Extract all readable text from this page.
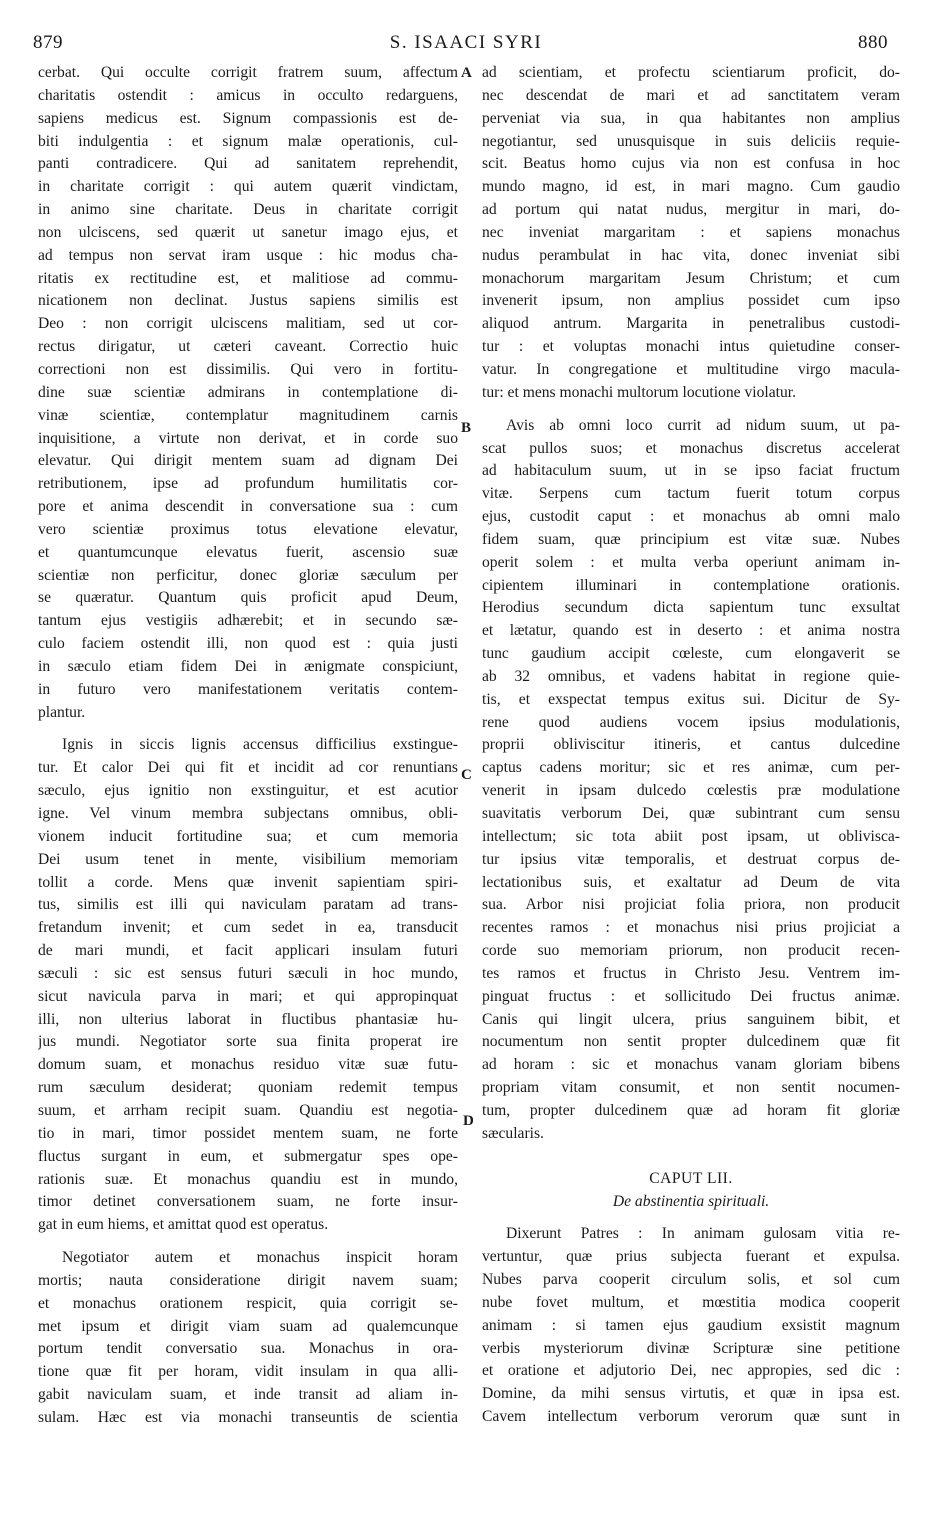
879	S. ISAACI SYRI	880
A
B
C
D
cerbat. Qui occulte corrigit fratrem suum, affectum
charitatis ostendit : amicus in occulto redarguens,
sapiens medicus est. Signum compassionis est de-
biti indulgentia : et signum malæ operationis, cul-
panti contradicere. Qui ad sanitatem reprehendit,
in charitate corrigit : qui autem quærit vindictam,
in animo sine charitate. Deus in charitate corrigit
non ulciscens, sed quærit ut sanetur imago ejus, et
ad tempus non servat iram usque : hic modus cha-
ritatis ex rectitudine est, et malitiose ad commu-
nicationem non declinat. Justus sapiens similis est
Deo : non corrigit ulciscens malitiam, sed ut cor-
rectus dirigatur, ut cæteri caveant. Correctio huic
correctioni non est dissimilis. Qui vero in fortitu-
dine suæ scientiæ admirans in contemplatione di-
vinæ scientiæ, contemplatur magnitudinem carnis
inquisitione, a virtute non derivat, et in corde suo
elevatur. Qui dirigit mentem suam ad dignam Dei
retributionem, ipse ad profundum humilitatis cor-
pore et anima descendit in conversatione sua : cum
vero scientiæ proximus totus elevatione elevatur,
et quantumcunque elevatus fuerit, ascensio suæ
scientiæ non perficitur, donec gloriæ sæculum per
se quæratur. Quantum quis proficit apud Deum,
tantum ejus vestigiis adhærebit; et in secundo sæ-
culo faciem ostendit illi, non quod est : quia justi
in sæculo etiam fidem Dei in ænigmate conspiciunt,
in futuro vero manifestationem veritatis contem-
plantur.
Ignis in siccis lignis accensus difficilius exstingue-
tur. Et calor Dei qui fit et incidit ad cor renuntians
sæculo, ejus ignitio non exstinguitur, et est acutior
igne. Vel vinum membra subjectans omnibus, obli-
vionem inducit fortitudine sua; et cum memoria
Dei usum tenet in mente, visibilium memoriam
tollit a corde. Mens quæ invenit sapientiam spiri-
tus, similis est illi qui naviculam paratam ad trans-
fretandum invenit; et cum sedet in ea, transducit
de mari mundi, et facit applicari insulam futuri
sæculi : sic est sensus futuri sæculi in hoc mundo,
sicut navicula parva in mari; et qui appropinquat
illi, non ulterius laborat in fluctibus phantasiæ hu-
jus mundi. Negotiator sorte sua finita properat ire
domum suam, et monachus residuo vitæ suæ futu-
rum sæculum desiderat; quoniam redemit tempus
suum, et arrham recipit suam. Quandiu est negotia-
tio in mari, timor possidet mentem suam, ne forte
fluctus surgant in eum, et submergatur spes ope-
rationis suæ. Et monachus quandiu est in mundo,
timor detinet conversationem suam, ne forte insur-
gat in eum hiems, et amittat quod est operatus.
Negotiator autem et monachus inspicit horam
mortis; nauta consideratione dirigit navem suam;
et monachus orationem respicit, quia corrigit se-
met ipsum et dirigit viam suam ad qualemcunque
portum tendit conversatio sua. Monachus in ora-
tione quæ fit per horam, vidit insulam in qua alli-
gabit naviculam suam, et inde transit ad aliam in-
sulam. Hæc est via monachi transeuntis de scientia
ad scientiam, et profectu scientiarum proficit, do-
nec descendat de mari et ad sanctitatem veram
perveniat via sua, in qua habitantes non amplius
negotiantur, sed unusquisque in suis deliciis requie-
scit. Beatus homo cujus via non est confusa in hoc
mundo magno, id est, in mari magno. Cum gaudio
ad portum qui natat nudus, mergitur in mari, do-
nec inveniat margaritam : et sapiens monachus
nudus perambulat in hac vita, donec inveniat sibi
monachorum margaritam Jesum Christum; et cum
invenerit ipsum, non amplius possidet cum ipso
aliquod antrum. Margarita in penetralibus custodi-
tur : et voluptas monachi intus quietudine conser-
vatur. In congregatione et multitudine virgo macula-
tur: et mens monachi multorum locutione violatur.
Avis ab omni loco currit ad nidum suum, ut pa-
scat pullos suos; et monachus discretus accelerat
ad habitaculum suum, ut in se ipso faciat fructum
vitæ. Serpens cum tactum fuerit totum corpus
ejus, custodit caput : et monachus ab omni malo
fidem suam, quæ principium est vitæ suæ. Nubes
operit solem : et multa verba operiunt animam in-
cipientem illuminari in contemplatione orationis.
Herodius secundum dicta sapientum tunc exsultat
et lætatur, quando est in deserto : et anima nostra
tunc gaudium accipit cœleste, cum elongaverit se
ab 32 omnibus, et vadens habitat in regione quie-
tis, et exspectat tempus exitus sui. Dicitur de Sy-
rene quod audiens vocem ipsius modulationis,
proprii obliviscitur itineris, et cantus dulcedine
captus cadens moritur; sic et res animæ, cum per-
venerit in ipsam dulcedo cœlestis præ modulatione
suavitatis verborum Dei, quæ subintrant cum sensu
intellectum; sic tota abiit post ipsam, ut oblivisca-
tur ipsius vitæ temporalis, et destruat corpus de-
lectationibus suis, et exaltatur ad Deum de vita
sua. Arbor nisi projiciat folia priora, non producit
recentes ramos : et monachus nisi prius projiciat a
corde suo memoriam priorum, non producit recen-
tes ramos et fructus in Christo Jesu. Ventrem im-
pinguat fructus : et sollicitudo Dei fructus animæ.
Canis qui lingit ulcera, prius sanguinem bibit, et
nocumentum non sentit propter dulcedinem quæ fit
ad horam : sic et monachus vanam gloriam bibens
propriam vitam consumit, et non sentit nocumen-
tum, propter dulcedinem quæ ad horam fit gloriæ
sæcularis.
CAPUT LII.
De abstinentia spirituali.
Dixerunt Patres : In animam gulosam vitia re-
vertuntur, quæ prius subjecta fuerant et expulsa.
Nubes parva cooperit circulum solis, et sol cum
nube fovet multum, et mœstitia modica cooperit
animam : si tamen ejus gaudium exsistit magnum
verbis mysteriorum divinæ Scripturæ sine petitione
et oratione et adjutorio Dei, nec appropies, sed dic :
Domine, da mihi sensus virtutis, et quæ in ipsa est.
Cavem intellectum verborum verorum quæ sunt in
